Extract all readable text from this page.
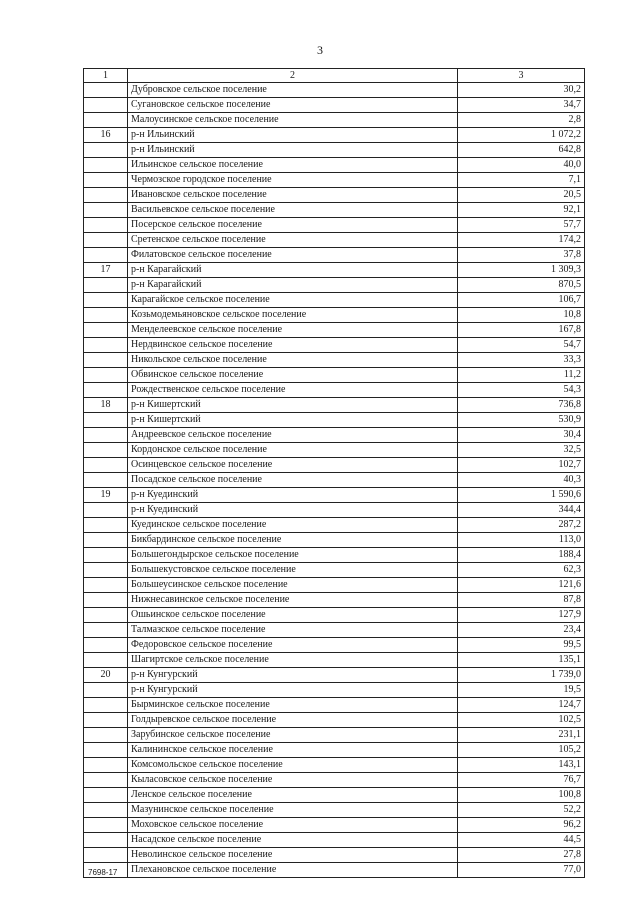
3
1	2	3
	Дубровское сельское поселение	30,2
	Сугановское сельское поселение	34,7
	Малоусинское сельское поселение	2,8
16	р-н Ильинский	1 072,2
	р-н Ильинский	642,8
	Ильинское сельское поселение	40,0
	Чермозское городское поселение	7,1
	Ивановское сельское поселение	20,5
	Васильевское сельское поселение	92,1
	Посерское сельское поселение	57,7
	Сретенское сельское поселение	174,2
	Филатовское сельское поселение	37,8
17	р-н Карагайский	1 309,3
	р-н Карагайский	870,5
	Карагайское сельское поселение	106,7
	Козьмодемьяновское сельское поселение	10,8
	Менделеевское сельское поселение	167,8
	Нердвинское сельское поселение	54,7
	Никольское сельское поселение	33,3
	Обвинское сельское поселение	11,2
	Рождественское сельское поселение	54,3
18	р-н Кишертский	736,8
	р-н Кишертский	530,9
	Андреевское сельское поселение	30,4
	Кордонское сельское поселение	32,5
	Осинцевское сельское поселение	102,7
	Посадское сельское поселение	40,3
19	р-н Куединский	1 590,6
	р-н Куединский	344,4
	Куединское сельское поселение	287,2
	Бикбардинское сельское поселение	113,0
	Большегондырское сельское поселение	188,4
	Большекустовское сельское поселение	62,3
	Большеусинское сельское поселение	121,6
	Нижнесавинское сельское поселение	87,8
	Ошьинское сельское поселение	127,9
	Талмазское сельское поселение	23,4
	Федоровское сельское поселение	99,5
	Шагиртское сельское поселение	135,1
20	р-н Кунгурский	1 739,0
	р-н Кунгурский	19,5
	Бырминское сельское поселение	124,7
	Голдыревское сельское поселение	102,5
	Зарубинское сельское поселение	231,1
	Калининское сельское поселение	105,2
	Комсомольское сельское поселение	143,1
	Кыласовское сельское поселение	76,7
	Ленское сельское поселение	100,8
	Мазунинское сельское поселение	52,2
	Моховское сельское поселение	96,2
	Насадское сельское поселение	44,5
	Неволинское сельское поселение	27,8
	Плехановское сельское поселение	77,0
7698-17
